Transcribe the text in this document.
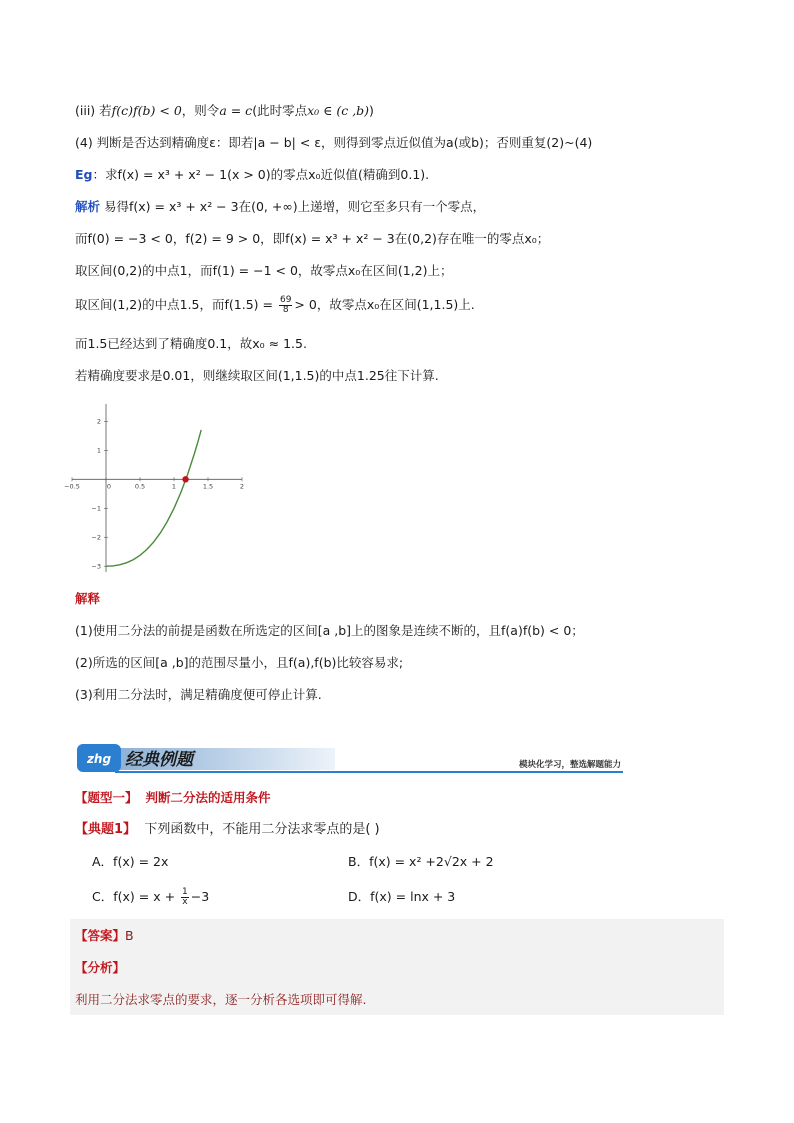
(iii) 若f(c)f(b) < 0，则令a = c(此时零点x₀ ∈ (c ,b))
(4) 判断是否达到精确度ε：即若|a − b| < ε，则得到零点近似值为a(或b)；否则重复(2)~(4)
Eg：求f(x) = x³ + x² − 1(x > 0)的零点x₀近似值(精确到0.1).
解析 易得f(x) = x³ + x² − 3在(0, +∞)上递增，则它至多只有一个零点，
而f(0) = −3 < 0，f(2) = 9 > 0，即f(x) = x³ + x² − 3在(0,2)存在唯一的零点x₀；
取区间(0,2)的中点1，而f(1) = −1 < 0，故零点x₀在区间(1,2)上；
取区间(1,2)的中点1.5，而$f(1.5) = \frac{69}{8} > 0$，故零点x₀在区间(1,1.5)上.
而1.5已经达到了精确度0.1，故x₀ ≈ 1.5.
若精确度要求是0.01，则继续取区间(1,1.5)的中点1.25往下计算.
−0.5	0	0.5	1	1.5	2
2
1
−1
−2
−3
解释
(1)使用二分法的前提是函数在所选定的区间[a ,b]上的图象是连续不断的，且f(a)f(b) < 0；
(2)所选的区间[a ,b]的范围尽量小，且f(a),f(b)比较容易求;
(3)利用二分法时，满足精确度便可停止计算.
zhg 经典例题	模块化学习，整选解题能力
【题型一】 判断二分法的适用条件
【典题1】 下列函数中，不能用二分法求零点的是( )
A．f(x) = 2x	B．f(x) = x² +2√2x + 2
C．$f(x) = x + \frac{1}{x} -3$	D．f(x) = lnx + 3
【答案】B
【分析】
利用二分法求零点的要求，逐一分析各选项即可得解.
